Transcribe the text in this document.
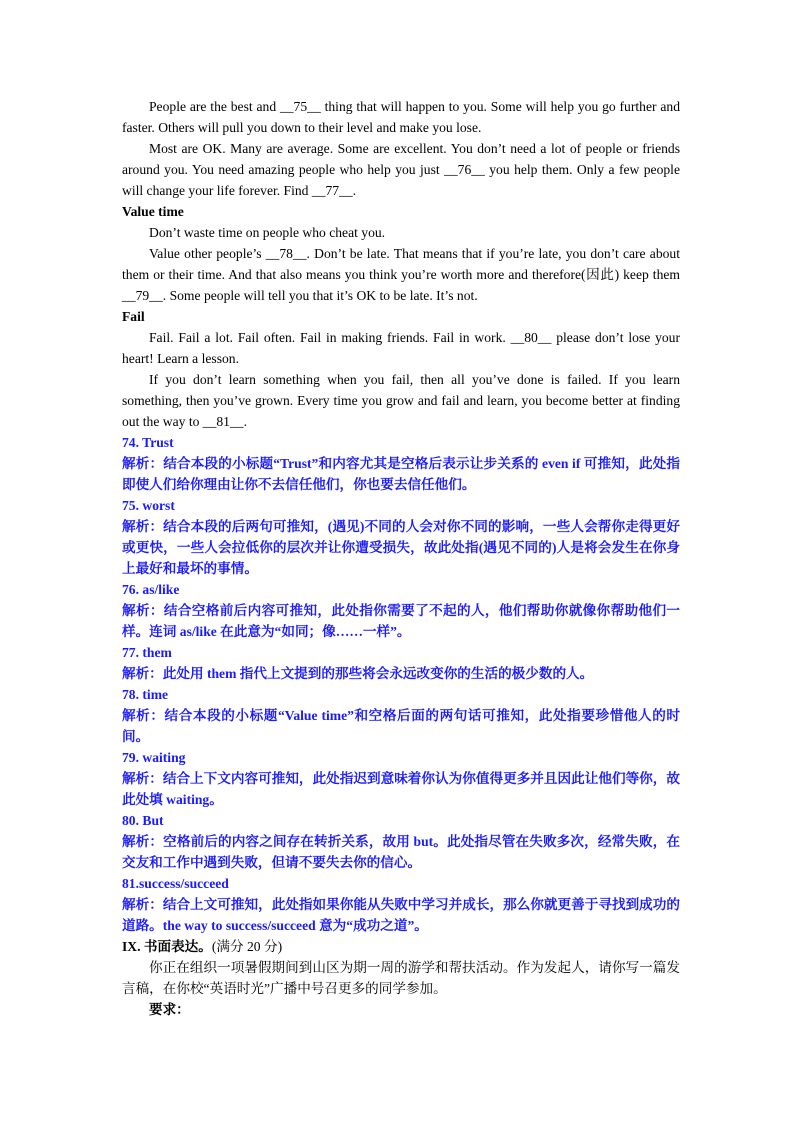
People are the best and __75__ thing that will happen to you. Some will help you go further and faster. Others will pull you down to their level and make you lose.

Most are OK. Many are average. Some are excellent. You don’t need a lot of people or friends around you. You need amazing people who help you just __76__ you help them. Only a few people will change your life forever. Find __77__.

Value time

Don’t waste time on people who cheat you.

Value other people’s __78__. Don’t be late. That means that if you’re late, you don’t care about them or their time. And that also means you think you’re worth more and therefore(因此) keep them __79__. Some people will tell you that it’s OK to be late. It’s not.

Fail

Fail. Fail a lot. Fail often. Fail in making friends. Fail in work. __80__ please don’t lose your heart! Learn a lesson.

If you don’t learn something when you fail, then all you’ve done is failed. If you learn something, then you’ve grown. Every time you grow and fail and learn, you become better at finding out the way to __81__.

74. Trust

解析：结合本段的小标题“Trust”和内容尤其是空格后表示让步关系的 even if 可推知，此处指即使人们给你理由让你不去信任他们，你也要去信任他们。

75. worst

解析：结合本段的后两句可推知，(遇见)不同的人会对你不同的影响，一些人会帮你走得更好或更快，一些人会拉低你的层次并让你遭受损失，故此处指(遇见不同的)人是将会发生在你身上最好和最坏的事情。

76. as/like

解析：结合空格前后内容可推知，此处指你需要了不起的人，他们帮助你就像你帮助他们一样。连词 as/like 在此意为“如同；像……一样”。

77. them

解析：此处用 them 指代上文提到的那些将会永远改变你的生活的极少数的人。

78. time

解析：结合本段的小标题“Value time”和空格后面的两句话可推知，此处指要珍惜他人的时间。

79. waiting

解析：结合上下文内容可推知，此处指迟到意味着你认为你值得更多并且因此让他们等你，故此处填 waiting。

80. But

解析：空格前后的内容之间存在转折关系，故用 but。此处指尽管在失败多次，经常失败，在交友和工作中遇到失败，但请不要失去你的信心。

81.success/succeed

解析：结合上文可推知，此处指如果你能从失败中学习并成长，那么你就更善于寻找到成功的道路。the way to success/succeed 意为“成功之道”。

IX. 书面表达。(满分 20 分)

你正在组织一项暑假期间到山区为期一周的游学和帮扶活动。作为发起人，请你写一篇发言稿，在你校“英语时光”广播中号召更多的同学参加。

要求：
